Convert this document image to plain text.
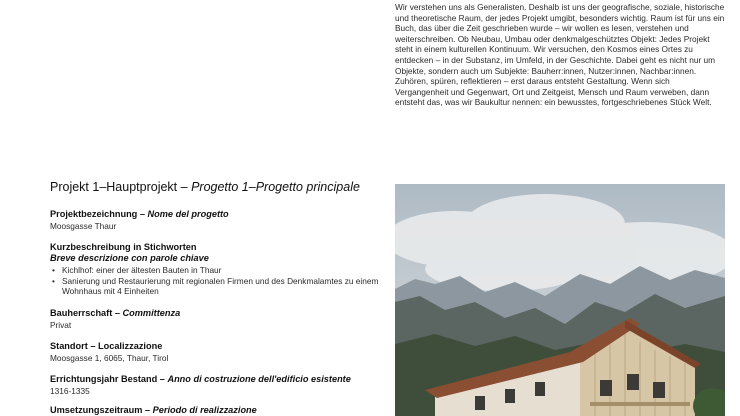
Wir verstehen uns als Generalisten. Deshalb ist uns der geografische, soziale, historische und theoretische Raum, der jedes Projekt umgibt, besonders wichtig. Raum ist für uns ein Buch, das über die Zeit geschrieben wurde – wir wollen es lesen, verstehen und weiterschreiben. Ob Neubau, Umbau oder denkmalgeschütztes Objekt: Jedes Projekt steht in einem kulturellen Kontinuum. Wir versuchen, den Kosmos eines Ortes zu entdecken – in der Substanz, im Umfeld, in der Geschichte. Dabei geht es nicht nur um Objekte, sondern auch um Subjekte: Bauherr:innen, Nutzer:innen, Nachbar:innen. Zuhören, spüren, reflektieren – erst daraus entsteht Gestaltung. Wenn sich Vergangenheit und Gegenwart, Ort und Zeitgeist, Mensch und Raum verweben, dann entsteht das, was wir Baukultur nennen: ein bewusstes, fortgeschriebenes Stück Welt.

Projekt 1–Hauptprojekt – Progetto 1–Progetto principale

Projektbezeichnung – Nome del progetto

Moosgasse Thaur

Kurzbeschreibung in Stichworten

Breve descrizione con parole chiave

• Kichlhof: einer der ältesten Bauten in Thaur
• Sanierung und Restaurierung mit regionalen Firmen und des Denkmalamtes zu einem Wohnhaus mit 4 Einheiten

Bauherrschaft – Committenza

Privat

Standort – Localizzazione

Moosgasse 1, 6065, Thaur, Tirol

Errichtungsjahr Bestand – Anno di costruzione dell'edificio esistente

1316-1335

Umsetzungszeitraum – Periodo di realizzazione
